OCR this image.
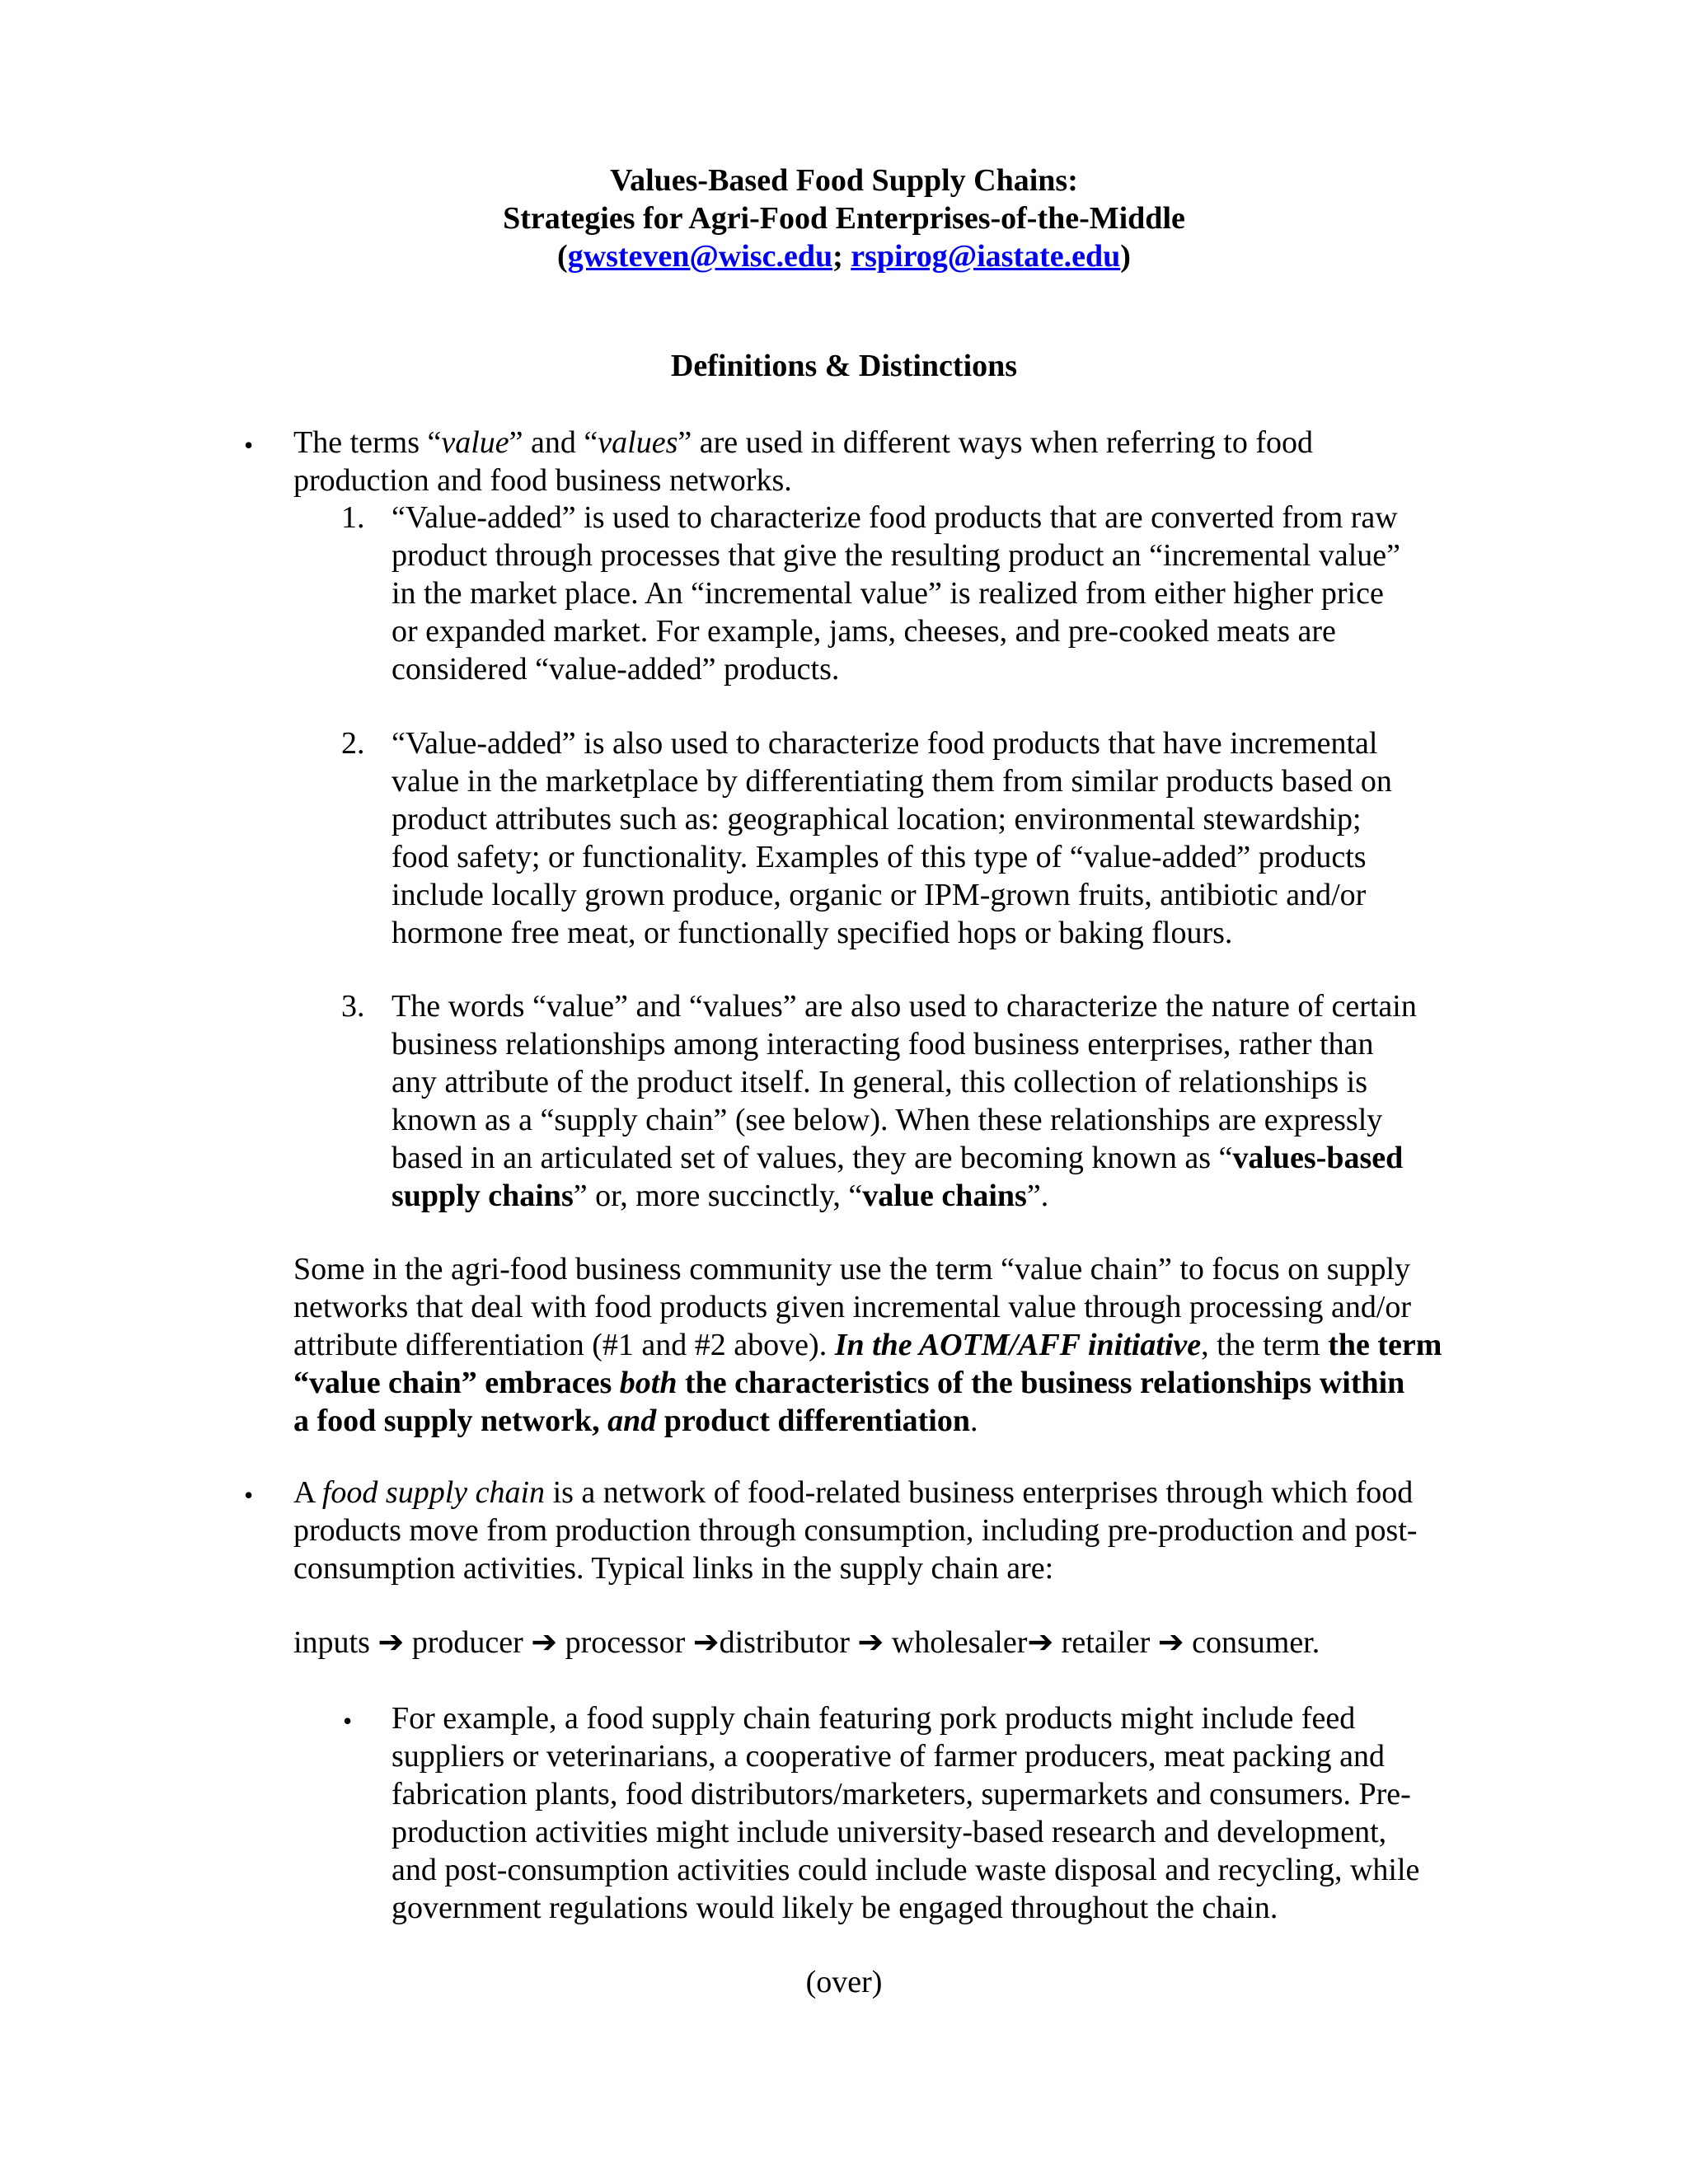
Values-Based Food Supply Chains:
Strategies for Agri-Food Enterprises-of-the-Middle
(gwsteven@wisc.edu; rspirog@iastate.edu)
Definitions & Distinctions
• The terms “value” and “values” are used in different ways when referring to food
production and food business networks.
1. “Value-added” is used to characterize food products that are converted from raw
product through processes that give the resulting product an “incremental value”
in the market place. An “incremental value” is realized from either higher price
or expanded market. For example, jams, cheeses, and pre-cooked meats are
considered “value-added” products.
2. “Value-added” is also used to characterize food products that have incremental
value in the marketplace by differentiating them from similar products based on
product attributes such as: geographical location; environmental stewardship;
food safety; or functionality. Examples of this type of “value-added” products
include locally grown produce, organic or IPM-grown fruits, antibiotic and/or
hormone free meat, or functionally specified hops or baking flours.
3. The words “value” and “values” are also used to characterize the nature of certain
business relationships among interacting food business enterprises, rather than
any attribute of the product itself. In general, this collection of relationships is
known as a “supply chain” (see below). When these relationships are expressly
based in an articulated set of values, they are becoming known as “values-based
supply chains” or, more succinctly, “value chains”.
Some in the agri-food business community use the term “value chain” to focus on supply
networks that deal with food products given incremental value through processing and/or
attribute differentiation (#1 and #2 above). In the AOTM/AFF initiative, the term the term
“value chain” embraces both the characteristics of the business relationships within
a food supply network, and product differentiation.
• A food supply chain is a network of food-related business enterprises through which food
products move from production through consumption, including pre-production and post-
consumption activities. Typical links in the supply chain are:
inputs ➔ producer ➔ processor ➔distributor ➔ wholesaler➔ retailer ➔ consumer.
• For example, a food supply chain featuring pork products might include feed
suppliers or veterinarians, a cooperative of farmer producers, meat packing and
fabrication plants, food distributors/marketers, supermarkets and consumers. Pre-
production activities might include university-based research and development,
and post-consumption activities could include waste disposal and recycling, while
government regulations would likely be engaged throughout the chain.
(over)
